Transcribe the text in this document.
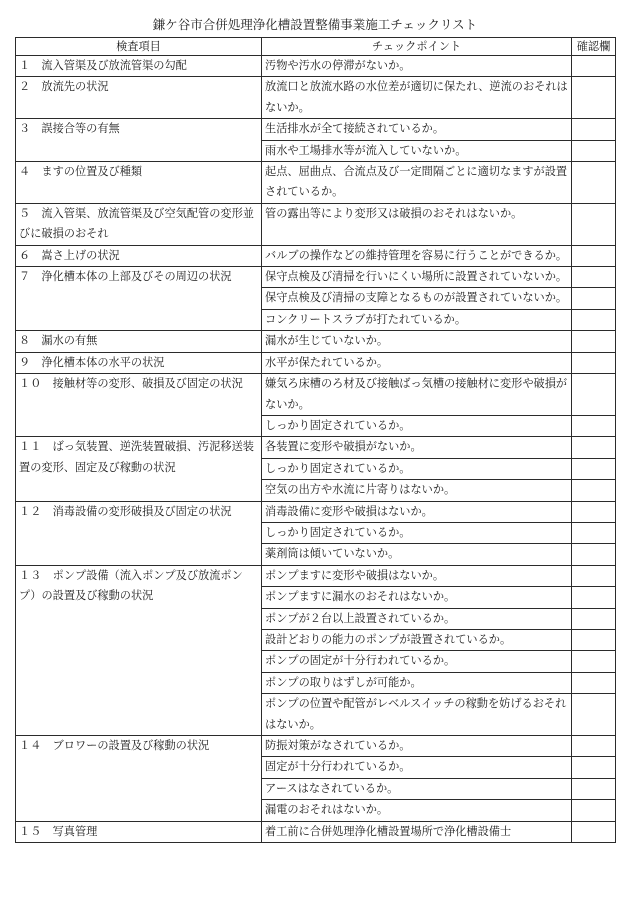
鎌ケ谷市合併処理浄化槽設置整備事業施工チェックリスト
検査項目	チェックポイント	確認欄
１　流入管渠及び放流管渠の勾配	汚物や汚水の停滞がないか。	
２　放流先の状況	放流口と放流水路の水位差が適切に保たれ、逆流のおそれはないか。	
３　誤接合等の有無	生活排水が全て接続されているか。	
	雨水や工場排水等が流入していないか。	
４　ますの位置及び種類	起点、屈曲点、合流点及び一定間隔ごとに適切なますが設置されているか。	
５　流入管渠、放流管渠及び空気配管の変形並びに破損のおそれ	管の露出等により変形又は破損のおそれはないか。	
６　嵩さ上げの状況	バルブの操作などの維持管理を容易に行うことができるか。	
７　浄化槽本体の上部及びその周辺の状況	保守点検及び清掃を行いにくい場所に設置されていないか。	
	保守点検及び清掃の支障となるものが設置されていないか。	
	コンクリートスラブが打たれているか。	
８　漏水の有無	漏水が生じていないか。	
９　浄化槽本体の水平の状況	水平が保たれているか。	
１０　接触材等の変形、破損及び固定の状況	嫌気ろ床槽のろ材及び接触ばっ気槽の接触材に変形や破損がないか。	
	しっかり固定されているか。	
１１　ばっ気装置、逆洗装置破損、汚泥移送装置の変形、固定及び稼動の状況	各装置に変形や破損がないか。	
	しっかり固定されているか。	
	空気の出方や水流に片寄りはないか。	
１２　消毒設備の変形破損及び固定の状況	消毒設備に変形や破損はないか。	
	しっかり固定されているか。	
	薬剤筒は傾いていないか。	
１３　ポンプ設備（流入ポンプ及び放流ポンプ）の設置及び稼動の状況	ポンプますに変形や破損はないか。	
	ポンプますに漏水のおそれはないか。	
	ポンプが２台以上設置されているか。	
	設計どおりの能力のポンプが設置されているか。	
	ポンプの固定が十分行われているか。	
	ポンプの取りはずしが可能か。	
	ポンプの位置や配管がレベルスイッチの稼動を妨げるおそれはないか。	
１４　ブロワーの設置及び稼動の状況	防振対策がなされているか。	
	固定が十分行われているか。	
	アースはなされているか。	
	漏電のおそれはないか。	
１５　写真管理	着工前に合併処理浄化槽設置場所で浄化槽設備士	
